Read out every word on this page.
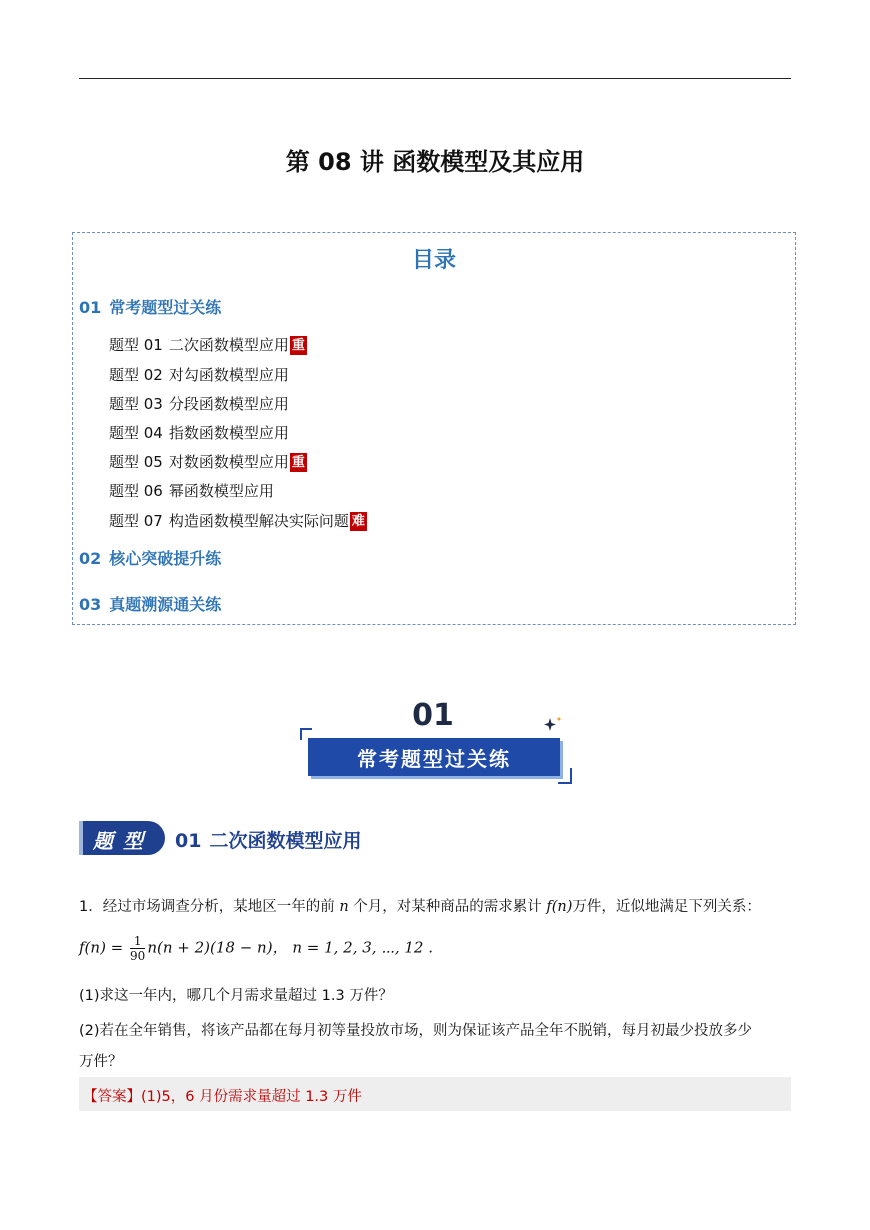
第 08 讲 函数模型及其应用
目录
01 常考题型过关练
题型 01 二次函数模型应用 重
题型 02 对勾函数模型应用
题型 03 分段函数模型应用
题型 04 指数函数模型应用
题型 05 对数函数模型应用 重
题型 06 幂函数模型应用
题型 07 构造函数模型解决实际问题 难
02 核心突破提升练
03 真题溯源通关练
01
常考题型过关练
题型 01 二次函数模型应用
1．经过市场调查分析，某地区一年的前 n 个月，对某种商品的需求累计 f(n)万件，近似地满足下列关系：
$f(n) = \frac{1}{90} n(n + 2)(18 - n)$， n = 1, 2, 3, ⋯, 12 .
(1)求这一年内，哪几个月需求量超过 1.3 万件？
(2)若在全年销售，将该产品都在每月初等量投放市场，则为保证该产品全年不脱销，每月初最少投放多少
万件？
【答案】(1)5，6 月份需求量超过 1.3 万件
